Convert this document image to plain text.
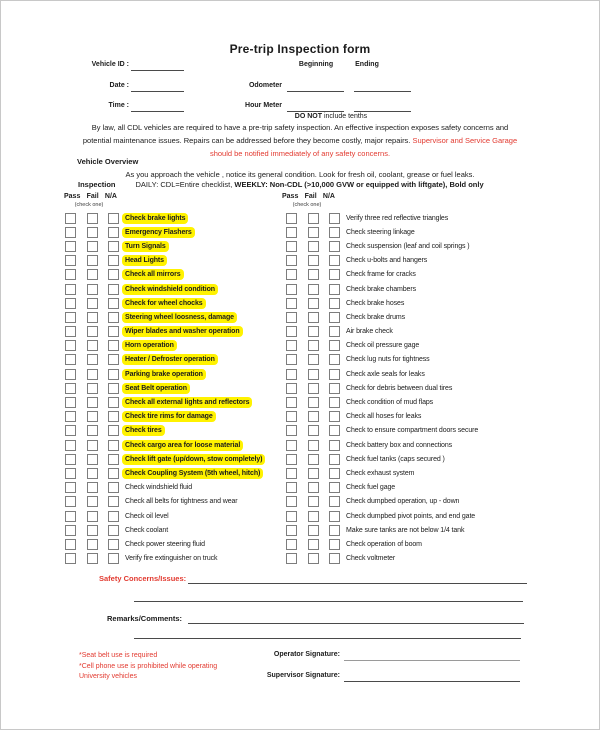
Pre-trip Inspection form
Vehicle ID :	Beginning	Ending
Date :	Odometer
Time :	Hour Meter
DO NOT include tenths
By law, all CDL vehicles are required to have a pre-trip safety inspection. An effective inspection exposes safety concerns and
potential maintenance issues. Repairs can be addressed before they become costly, major repairs. Supervisor and Service Garage
should be notified immediately of any safety concerns.
Vehicle Overview
As you approach the vehicle , notice its general condition. Look for fresh oil, coolant, grease or fuel leaks.
Inspection	DAILY: CDL=Entire checklist, WEEKLY: Non-CDL (>10,000 GVW or equipped with liftgate), Bold only
Pass Fail N/A
(check one)
Pass Fail N/A
(check one)
Check brake lights
Emergency Flashers
Turn Signals
Head Lights
Check all mirrors
Check windshield condition
Check for wheel chocks
Steering wheel loosness, damage
Wiper blades and washer operation
Horn operation
Heater / Defroster operation
Parking brake operation
Seat Belt operation
Check all external lights and reflectors
Check tire rims for damage
Check tires
Check cargo area for loose material
Check lift gate (up/down, stow completely)
Check Coupling System (5th wheel, hitch)
Check windshield fluid
Check all belts for tightness and wear
Check oil level
Check coolant
Check power steering fluid
Verify fire extinguisher on truck
Verify three red reflective triangles
Check steering linkage
Check suspension (leaf and coil springs )
Check u-bolts and hangers
Check frame for cracks
Check brake chambers
Check brake hoses
Check brake drums
Air brake check
Check oil pressure gage
Check lug nuts for tightness
Check axle seals for leaks
Check for debris between dual tires
Check condition of mud flaps
Check all hoses for leaks
Check to ensure compartment doors secure
Check battery box and connections
Check fuel tanks (caps secured )
Check exhaust system
Check fuel gage
Check dumpbed operation, up - down
Check dumpbed pivot points, and end gate
Make sure tanks are not below 1/4 tank
Check operation of boom
Check voltmeter
Safety Concerns/Issues:
Remarks/Comments:
*Seat belt use is required
*Cell phone use is prohibited while operating
University vehicles
Operator Signature:
Supervisor Signature:
